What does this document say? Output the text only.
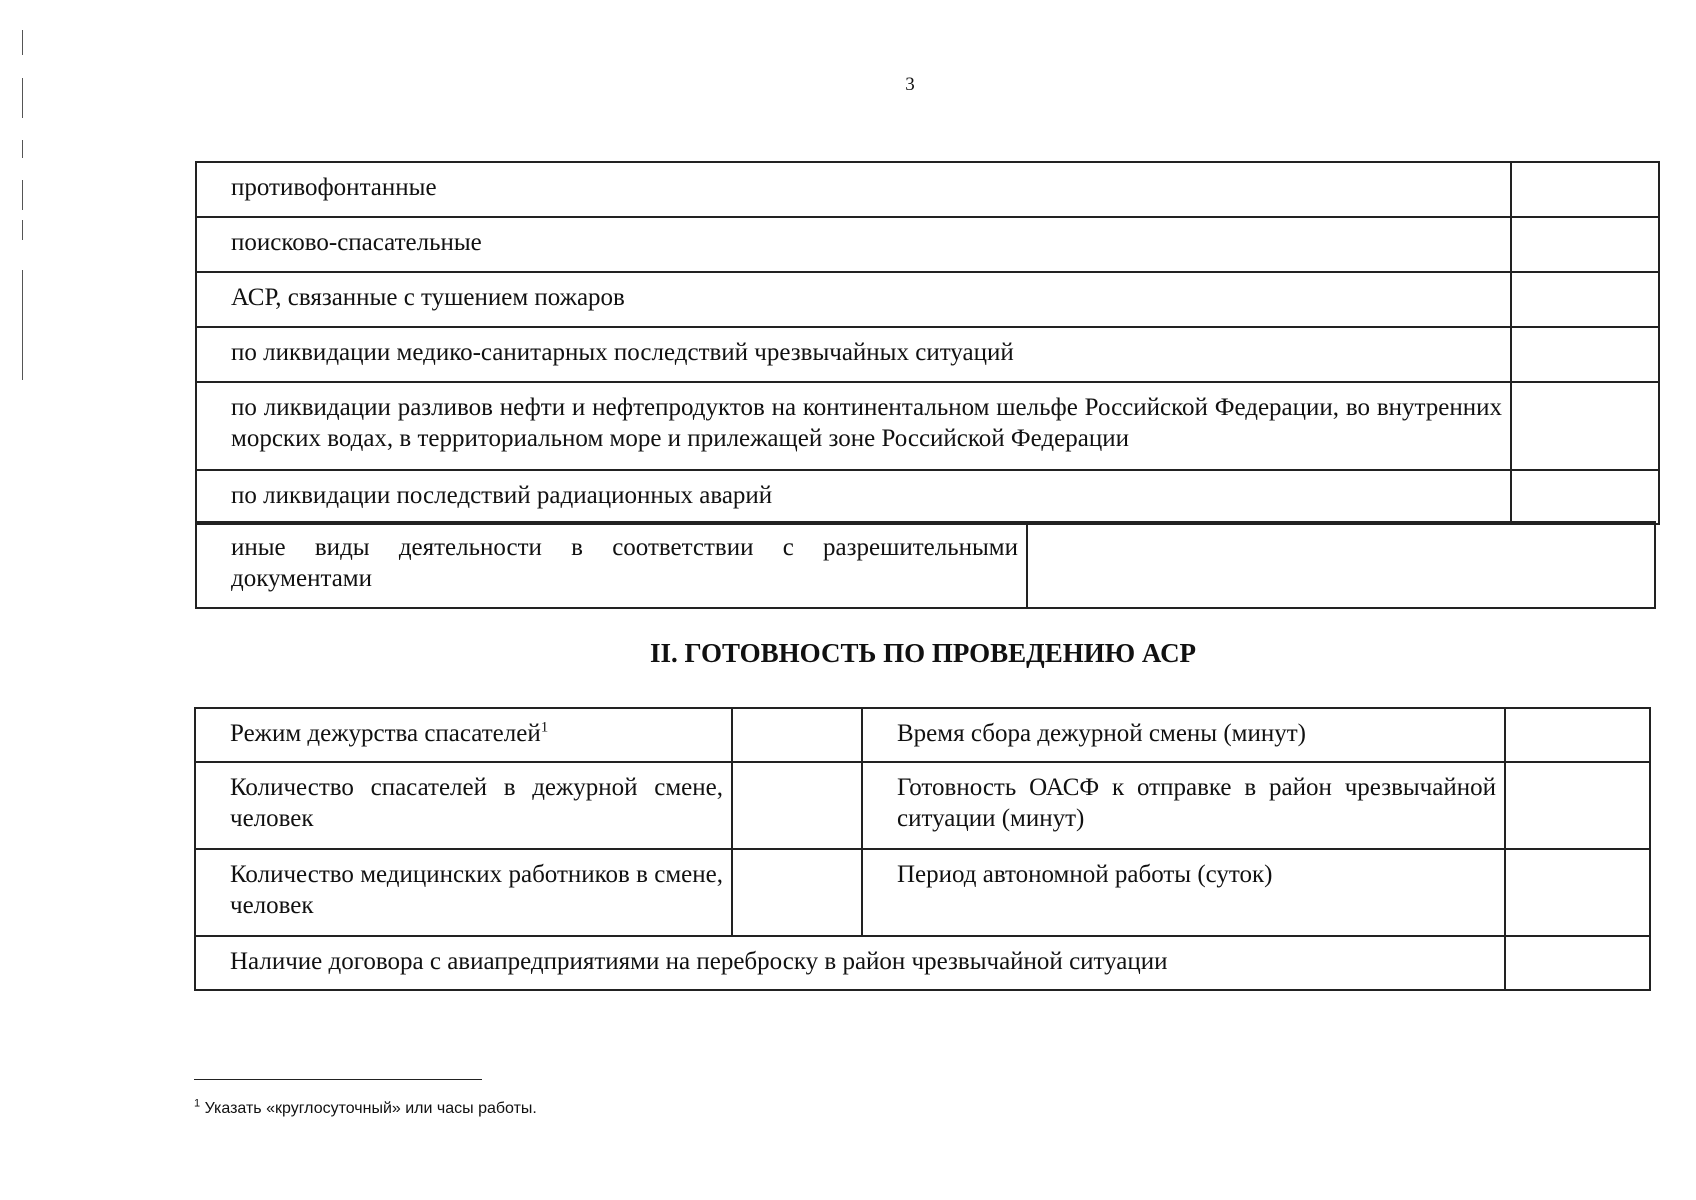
3
противофонтанные	
поисково-спасательные	
АСР, связанные с тушением пожаров	
по ликвидации медико-санитарных последствий чрезвычайных ситуаций	
по ликвидации разливов нефти и нефтепродуктов на континентальном шельфе Российской Федерации, во внутренних морских водах, в территориальном море и прилежащей зоне Российской Федерации	
по ликвидации последствий радиационных аварий	
иные виды деятельности в соответствии с разрешительными документами	
II. ГОТОВНОСТЬ ПО ПРОВЕДЕНИЮ АСР
Режим дежурства спасателей$^1$		Время сбора дежурной смены (минут)	
Количество спасателей в дежурной смене, человек		Готовность ОАСФ к отправке в район чрезвычайной ситуации (минут)	
Количество медицинских работников в смене, человек		Период автономной работы (суток)	
Наличие договора с авиапредприятиями на переброску в район чрезвычайной ситуации			
$^1$ Указать «круглосуточный» или часы работы.
